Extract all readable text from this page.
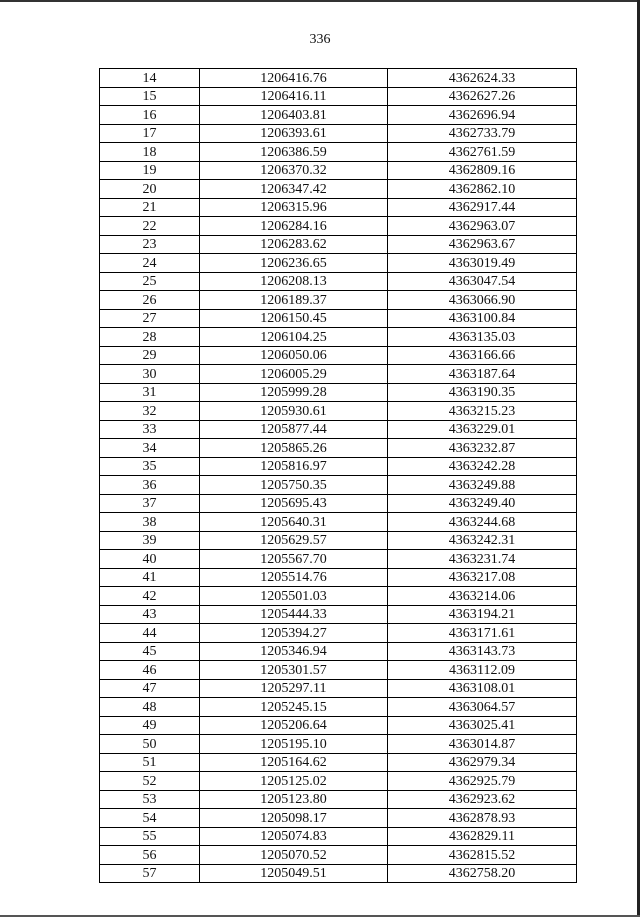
336
14	1206416.76	4362624.33
15	1206416.11	4362627.26
16	1206403.81	4362696.94
17	1206393.61	4362733.79
18	1206386.59	4362761.59
19	1206370.32	4362809.16
20	1206347.42	4362862.10
21	1206315.96	4362917.44
22	1206284.16	4362963.07
23	1206283.62	4362963.67
24	1206236.65	4363019.49
25	1206208.13	4363047.54
26	1206189.37	4363066.90
27	1206150.45	4363100.84
28	1206104.25	4363135.03
29	1206050.06	4363166.66
30	1206005.29	4363187.64
31	1205999.28	4363190.35
32	1205930.61	4363215.23
33	1205877.44	4363229.01
34	1205865.26	4363232.87
35	1205816.97	4363242.28
36	1205750.35	4363249.88
37	1205695.43	4363249.40
38	1205640.31	4363244.68
39	1205629.57	4363242.31
40	1205567.70	4363231.74
41	1205514.76	4363217.08
42	1205501.03	4363214.06
43	1205444.33	4363194.21
44	1205394.27	4363171.61
45	1205346.94	4363143.73
46	1205301.57	4363112.09
47	1205297.11	4363108.01
48	1205245.15	4363064.57
49	1205206.64	4363025.41
50	1205195.10	4363014.87
51	1205164.62	4362979.34
52	1205125.02	4362925.79
53	1205123.80	4362923.62
54	1205098.17	4362878.93
55	1205074.83	4362829.11
56	1205070.52	4362815.52
57	1205049.51	4362758.20
